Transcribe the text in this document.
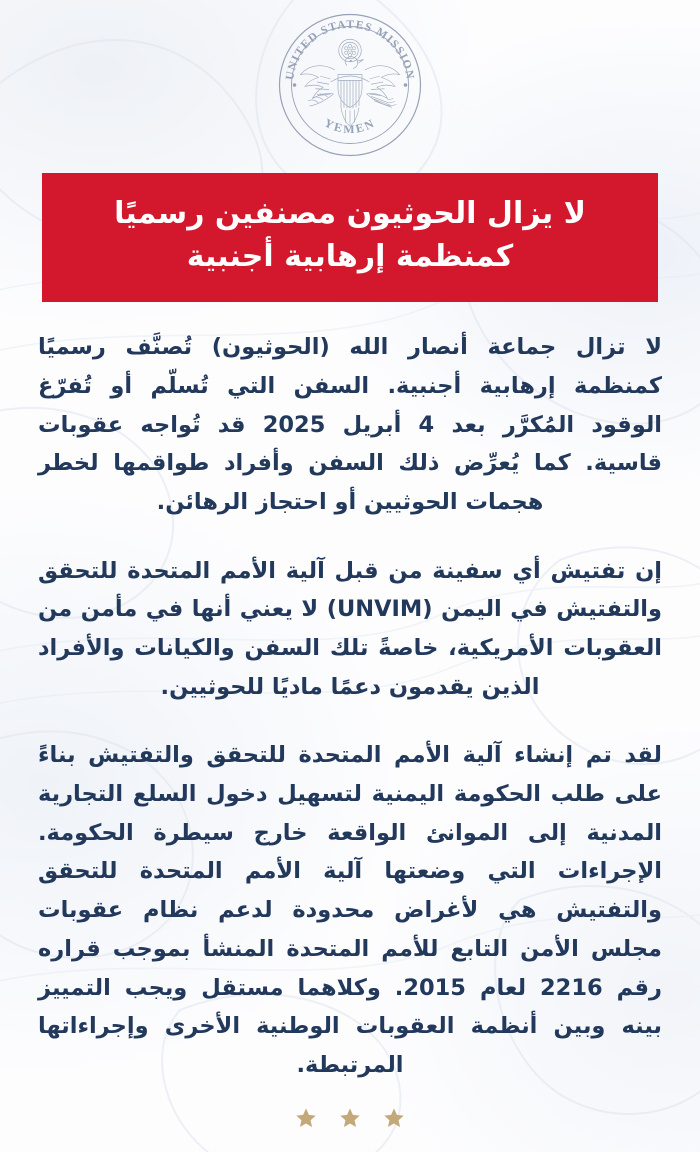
UNITED STATES MISSION
YEMEN
لا يزال الحوثيون مصنفين رسميًا كمنظمة إرهابية أجنبية

لا تزال جماعة أنصار الله (الحوثيون) تُصنَّف رسميًا كمنظمة إرهابية أجنبية. السفن التي تُسلّم أو تُفرّغ الوقود المُكرَّر بعد 4 أبريل 2025 قد تُواجه عقوبات قاسية. كما يُعرِّض ذلك السفن وأفراد طواقمها لخطر هجمات الحوثيين أو احتجاز الرهائن.

إن تفتيش أي سفينة من قبل آلية الأمم المتحدة للتحقق والتفتيش في اليمن (UNVIM) لا يعني أنها في مأمن من العقوبات الأمريكية، خاصةً تلك السفن والكيانات والأفراد الذين يقدمون دعمًا ماديًا للحوثيين.

لقد تم إنشاء آلية الأمم المتحدة للتحقق والتفتيش بناءً على طلب الحكومة اليمنية لتسهيل دخول السلع التجارية المدنية إلى الموانئ الواقعة خارج سيطرة الحكومة. الإجراءات التي وضعتها آلية الأمم المتحدة للتحقق والتفتيش هي لأغراض محدودة لدعم نظام عقوبات مجلس الأمن التابع للأمم المتحدة المنشأ بموجب قراره رقم 2216 لعام 2015. وكلاهما مستقل ويجب التمييز بينه وبين أنظمة العقوبات الوطنية الأخرى وإجراءاتها المرتبطة.
